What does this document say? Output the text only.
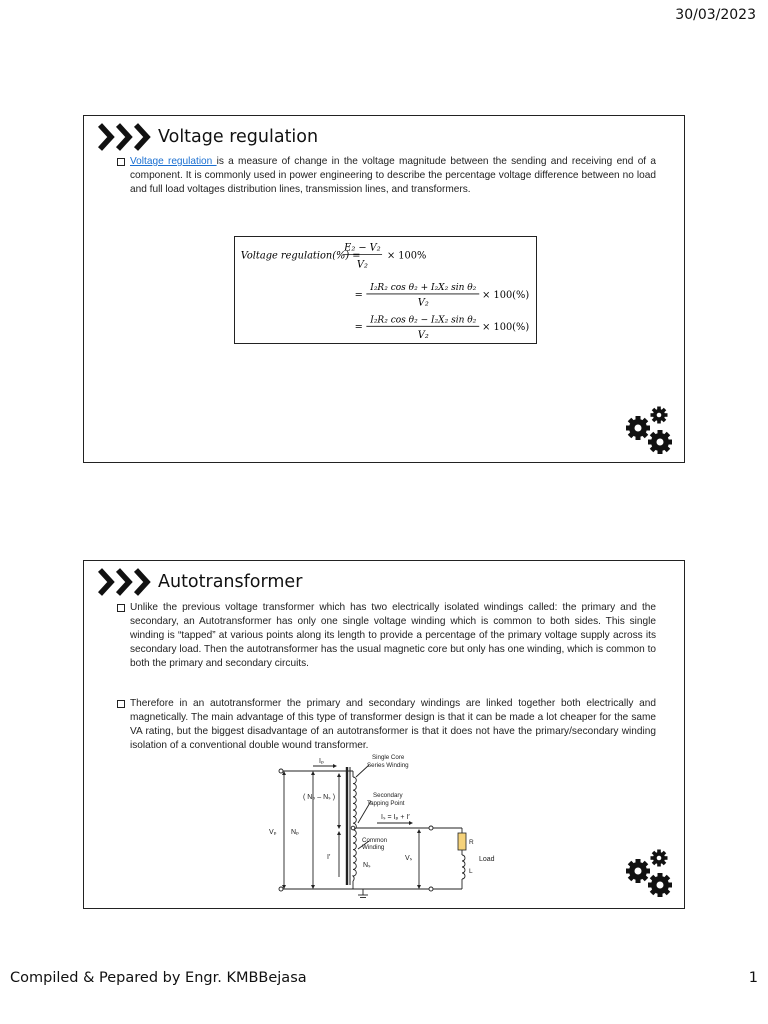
30/03/2023
Voltage regulation
Voltage regulation is a measure of change in the voltage magnitude between the sending and receiving end of a component. It is commonly used in power engineering to describe the percentage voltage difference between no load and full load voltages distribution lines, transmission lines, and transformers.
Voltage regulation(%) =
E₂ − V₂
V₂
× 100%
=
I₂R₂ cos θ₂ + I₂X₂ sin θ₂
V₂
× 100(%)
=
I₂R₂ cos θ₂ − I₂X₂ sin θ₂
V₂
× 100(%)
Autotransformer
Unlike the previous voltage transformer which has two electrically isolated windings called: the primary and the secondary, an Autotransformer has only one single voltage winding which is common to both sides. This single winding is “tapped” at various points along its length to provide a percentage of the primary voltage supply across its secondary load. Then the autotransformer has the usual magnetic core but only has one winding, which is common to both the primary and secondary circuits.
Therefore in an autotransformer the primary and secondary windings are linked together both electrically and magnetically. The main advantage of this type of transformer design is that it can be made a lot cheaper for the same VA rating, but the biggest disadvantage of an autotransformer is that it does not have the primary/secondary winding isolation of a conventional double wound transformer.
Iₚ
Single Core
Series Winding
( Nₚ – Nₛ )	Secondary
Tapping Point
Iₛ = Iₚ + I′
Vₚ Nₚ
Common
Winding
I′
Nₛ
Vₛ
R
L
Load
Compiled & Pepared by Engr. KMBBejasa	1
